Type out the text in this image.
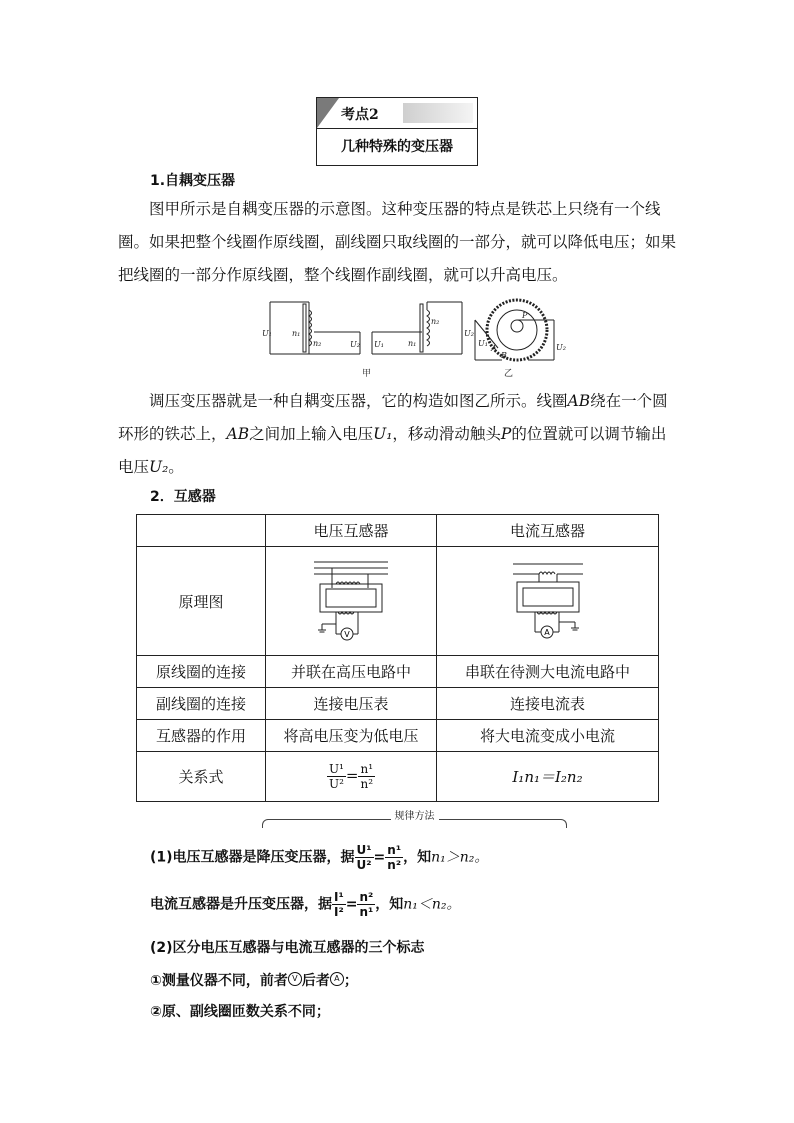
考点2
几种特殊的变压器
1.自耦变压器

图甲所示是自耦变压器的示意图。这种变压器的特点是铁芯上只绕有一个线圈。如果把整个线圈作原线圈，副线圈只取线圈的一部分，就可以降低电压；如果把线圈的一部分作原线圈，整个线圈作副线圈，就可以升高电压。

U₁	n₁
n₂	U₂ U₁	n₁
n₂
U₂
U₁
A
B
P
U₂
甲	乙

调压变压器就是一种自耦变压器，它的构造如图乙所示。线圈AB绕在一个圆环形的铁芯上，AB之间加上输入电压U₁，移动滑动触头P的位置就可以调节输出电压U₂。

2．互感器
	电压互感器	电流互感器
原理图	V	A

原线圈的连接	并联在高压电路中	串联在待测大电流电路中
副线圈的连接	连接电压表	连接电流表
互感器的作用	将高电压变为低电压	将大电流变成小电流
关系式	$\frac{\text{U¹}}{\text{U²}} = \frac{\text{n¹}}{\text{n²}}$	I₁n₁＝I₂n₂
规律方法
(1)电压互感器是降压变压器，据 $\frac{\text{U¹}}{\text{U²}} = \frac{\text{n¹}}{\text{n²}}$ ，知n₁＞n₂。
电流互感器是升压变压器，据 $\frac{\text{I¹}}{\text{I²}} = \frac{\text{n²}}{\text{n¹}}$ ，知n₁＜n₂。
(2)区分电压互感器与电流互感器的三个标志
①测量仪器不同，前者 V 后者 A ；
②原、副线圈匝数关系不同；
